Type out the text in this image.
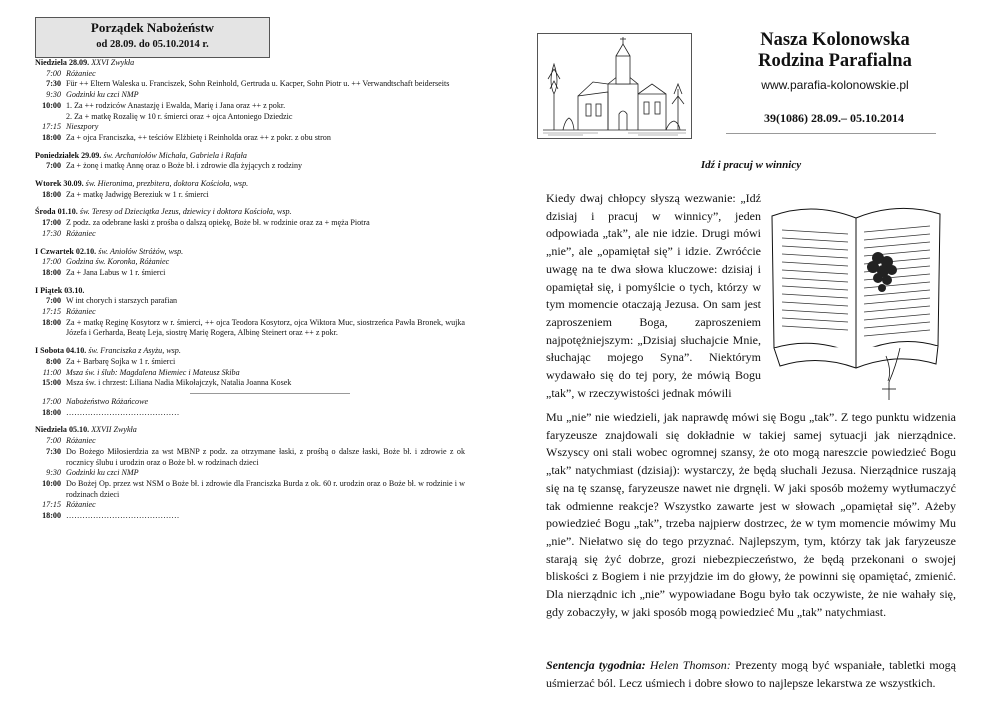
Porządek Nabożeństw
od 28.09. do 05.10.2014 r.
Niedziela 28.09. XXVI Zwykła
7:00 Różaniec
7:30 Für ++ Eltern Waleska u. Franciszek, Sohn Reinhold, Gertruda u. Kacper, Sohn Piotr u. ++ Verwandtschaft beiderseits
9:30 Godzinki ku czci NMP
10:00 1. Za ++ rodziców Anastazję i Ewalda, Marię i Jana oraz ++ z pokr.
2. Za + matkę Rozalię w 10 r. śmierci oraz + ojca Antoniego Dziedzic
17:15 Nieszpory
18:00 Za + ojca Franciszka, ++ teściów Elżbietę i Reinholda oraz ++ z pokr. z obu stron
Poniedziałek 29.09. św. Archaniołów Michała, Gabriela i Rafała
7:00 Za + żonę i matkę Annę oraz o Boże bł. i zdrowie dla żyjących z rodziny
Wtorek 30.09. św. Hieronima, prezbitera, doktora Kościoła, wsp.
18:00 Za + matkę Jadwigę Bereziuk w 1 r. śmierci
Środa 01.10. św. Teresy od Dzieciątka Jezus, dziewicy i doktora Kościoła, wsp.
17:00 Z podz. za odebrane łaski z prośba o dalszą opiekę, Boże bł. w rodzinie oraz za + męża Piotra
17:30 Różaniec
I Czwartek 02.10. św. Aniołów Stróżów, wsp.
17:00 Godzina św. Koronka, Różaniec
18:00 Za + Jana Labus w 1 r. śmierci
I Piątek 03.10.
7:00 W int chorych i starszych parafian
17:15 Różaniec
18:00 Za + matkę Reginę Kosytorz w r. śmierci, ++ ojca Teodora Kosytorz, ojca Wiktora Muc, siostrzeńca Pawła Bronek, wujka Józefa i Gerharda, Beatę Leja, siostrę Marię Rogera, Albinę Steinert oraz ++ z pokr.
I Sobota 04.10. św. Franciszka z Asyżu, wsp.
8:00 Za + Barbarę Sojka w 1 r. śmierci
11:00 Msza św. i ślub: Magdalena Miemiec i Mateusz Skiba
15:00 Msza św. i chrzest: Liliana Nadia Mikołajczyk, Natalia Joanna Kosek
17:00 Nabożeństwo Różańcowe
18:00 ……………………………………
Niedziela 05.10. XXVII Zwykła
7:00 Różaniec
7:30 Do Bożego Miłosierdzia za wst MBNP z podz. za otrzymane łaski, z prośbą o dalsze łaski, Boże bł. i zdrowie z ok rocznicy ślubu i urodzin oraz o Boże bł. w rodzinach dzieci
9:30 Godzinki ku czci NMP
10:00 Do Bożej Op. przez wst NSM o Boże bł. i zdrowie dla Franciszka Burda z ok. 60 r. urodzin oraz o Boże bł. w rodzinie i w rodzinach dzieci
17:15 Różaniec
18:00 ……………………………………
Nasza Kolonowska Rodzina Parafialna
www.parafia-kolonowskie.pl
39(1086) 28.09.– 05.10.2014
Idź i pracuj w winnicy
Kiedy dwaj chłopcy słyszą wezwanie: „Idź dzisiaj i pracuj w winnicy”, jeden odpowiada „tak”, ale nie idzie. Drugi mówi „nie”, ale „opamiętał się” i idzie. Zwróćcie uwagę na te dwa słowa kluczowe: dzisiaj i opamiętał się, i pomyślcie o tych, którzy w tym momencie otaczają Jezusa. On sam jest zaproszeniem Boga, zaproszeniem najpotężniejszym: „Dzisiaj słuchajcie Mnie, słuchając mojego Syna”. Niektórym wydawało się do tej pory, że mówią Bogu „tak”, w rzeczywistości jednak mówili
Mu „nie” nie wiedzieli, jak naprawdę mówi się Bogu „tak”. Z tego punktu widzenia faryzeusze znajdowali się dokładnie w takiej samej sytuacji jak nierządnice. Wszyscy oni stali wobec ogromnej szansy, że oto mogą nareszcie powiedzieć Bogu „tak” natychmiast (dzisiaj): wystarczy, że będą słuchali Jezusa. Nierządnice ruszają się na tę szansę, faryzeusze nawet nie drgnęli. W jaki sposób możemy wytłumaczyć tak odmienne reakcje? Wszystko zawarte jest w słowach „opamiętał się”. Ażeby powiedzieć Bogu „tak”, trzeba najpierw dostrzec, że w tym momencie mówimy Mu „nie”. Niełatwo się do tego przyznać. Najlepszym, tym, którzy tak jak faryzeusze starają się żyć dobrze, grozi niebezpieczeństwo, że będą przekonani o swojej bliskości z Bogiem i nie przyjdzie im do głowy, że powinni się opamiętać, zmienić. Dla nierządnic ich „nie” wypowiadane Bogu było tak oczywiste, że nie wahały się, gdy zobaczyły, w jaki sposób mogą powiedzieć Mu „tak” natychmiast.
Sentencja tygodnia: Helen Thomson: Prezenty mogą być wspaniałe, tabletki mogą uśmierzać ból. Lecz uśmiech i dobre słowo to najlepsze lekarstwa ze wszystkich.
